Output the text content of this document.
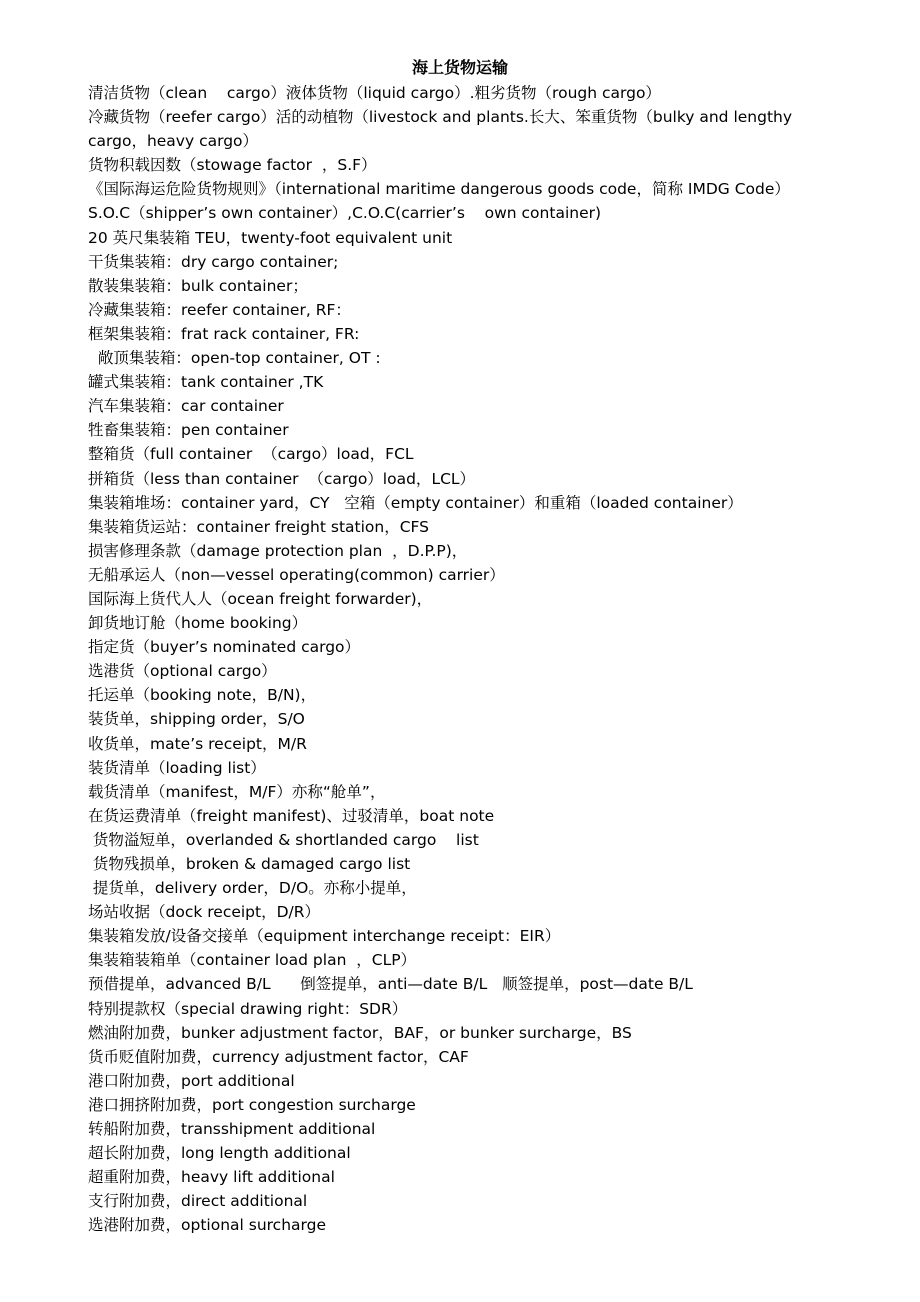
海上货物运输
清洁货物（clean    cargo）液体货物（liquid cargo）.粗劣货物（rough cargo）
冷藏货物（reefer cargo）活的动植物（livestock and plants.长大、笨重货物（bulky and lengthy
cargo，heavy cargo）
货物积载因数（stowage factor  ，S.F）
《国际海运危险货物规则》（international maritime dangerous goods code，简称 IMDG Code）
S.O.C（shipper’s own container）,C.O.C(carrier’s    own container)
20 英尺集装箱 TEU，twenty-foot equivalent unit
干货集装箱：dry cargo container;
散装集装箱：bulk container；
冷藏集装箱：reefer container, RF：
框架集装箱：frat rack container, FR:
敞顶集装箱：open-top container, OT :
罐式集装箱：tank container ,TK
汽车集装箱：car container
牲畜集装箱：pen container
整箱货（full container  （cargo）load，FCL
拼箱货（less than container  （cargo）load，LCL）
集装箱堆场：container yard，CY   空箱（empty container）和重箱（loaded container）
集装箱货运站：container freight station，CFS
损害修理条款（damage protection plan  ，D.P.P)，
无船承运人（non—vessel operating(common) carrier）
国际海上货代人人（ocean freight forwarder)，
卸货地订舱（home booking）
指定货（buyer’s nominated cargo）
选港货（optional cargo）
托运单（booking note，B/N)，
装货单，shipping order，S/O
收货单，mate’s receipt，M/R
装货清单（loading list）
载货清单（manifest，M/F）亦称“舱单”，
在货运费清单（freight manifest)、过驳清单，boat note
货物溢短单，overlanded & shortlanded cargo    list
货物残损单，broken & damaged cargo list
提货单，delivery order，D/O。亦称小提单，
场站收据（dock receipt，D/R）
集装箱发放/设备交接单（equipment interchange receipt：EIR）
集装箱装箱单（container load plan  ，CLP）
预借提单，advanced B/L      倒签提单，anti—date B/L   顺签提单，post—date B/L
特别提款权（special drawing right：SDR）
燃油附加费，bunker adjustment factor，BAF，or bunker surcharge，BS
货币贬值附加费，currency adjustment factor，CAF
港口附加费，port additional
港口拥挤附加费，port congestion surcharge
转船附加费，transshipment additional
超长附加费，long length additional
超重附加费，heavy lift additional
支行附加费，direct additional
选港附加费，optional surcharge
